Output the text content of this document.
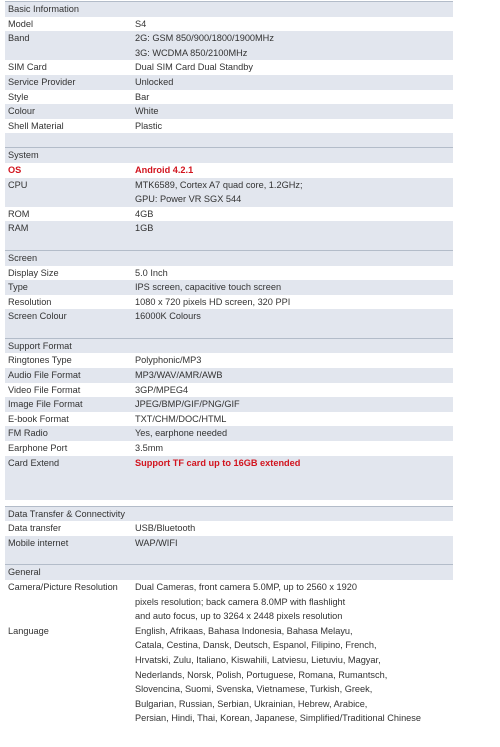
Basic Information
Model	S4
Band	2G: GSM 850/900/1800/1900MHz
3G: WCDMA 850/2100MHz
SIM Card	Dual SIM Card Dual Standby
Service Provider	Unlocked
Style	Bar
Colour	White
Shell Material	Plastic
System
OS	Android 4.2.1
CPU	MTK6589, Cortex A7 quad core, 1.2GHz;
GPU: Power VR SGX 544
ROM	4GB
RAM	1GB
Screen
Display Size	5.0 Inch
Type	IPS screen, capacitive touch screen
Resolution	1080 x 720 pixels HD screen, 320 PPI
Screen Colour	16000K Colours
Support Format
Ringtones Type	Polyphonic/MP3
Audio File Format	MP3/WAV/AMR/AWB
Video File Format	3GP/MPEG4
Image File Format	JPEG/BMP/GIF/PNG/GIF
E-book Format	TXT/CHM/DOC/HTML
FM Radio	Yes, earphone needed
Earphone Port	3.5mm
Card Extend	Support TF card up to 16GB extended
Data Transfer & Connectivity
Data transfer	USB/Bluetooth
Mobile internet	WAP/WIFI
General
Camera/Picture Resolution	Dual Cameras, front camera 5.0MP, up to 2560 x 1920
pixels resolution; back camera 8.0MP with flashlight
and auto focus, up to 3264 x 2448 pixels resolution
Language	English, Afrikaas, Bahasa Indonesia, Bahasa Melayu,
Catala, Cestina, Dansk, Deutsch, Espanol, Filipino, French,
Hrvatski, Zulu, Italiano, Kiswahili, Latviesu, Lietuviu, Magyar,
Nederlands, Norsk, Polish, Portuguese, Romana, Rumantsch,
Slovencina, Suomi, Svenska, Vietnamese, Turkish, Greek,
Bulgarian, Russian, Serbian, Ukrainian, Hebrew, Arabice,
Persian, Hindi, Thai, Korean, Japanese, Simplified/Traditional Chinese
